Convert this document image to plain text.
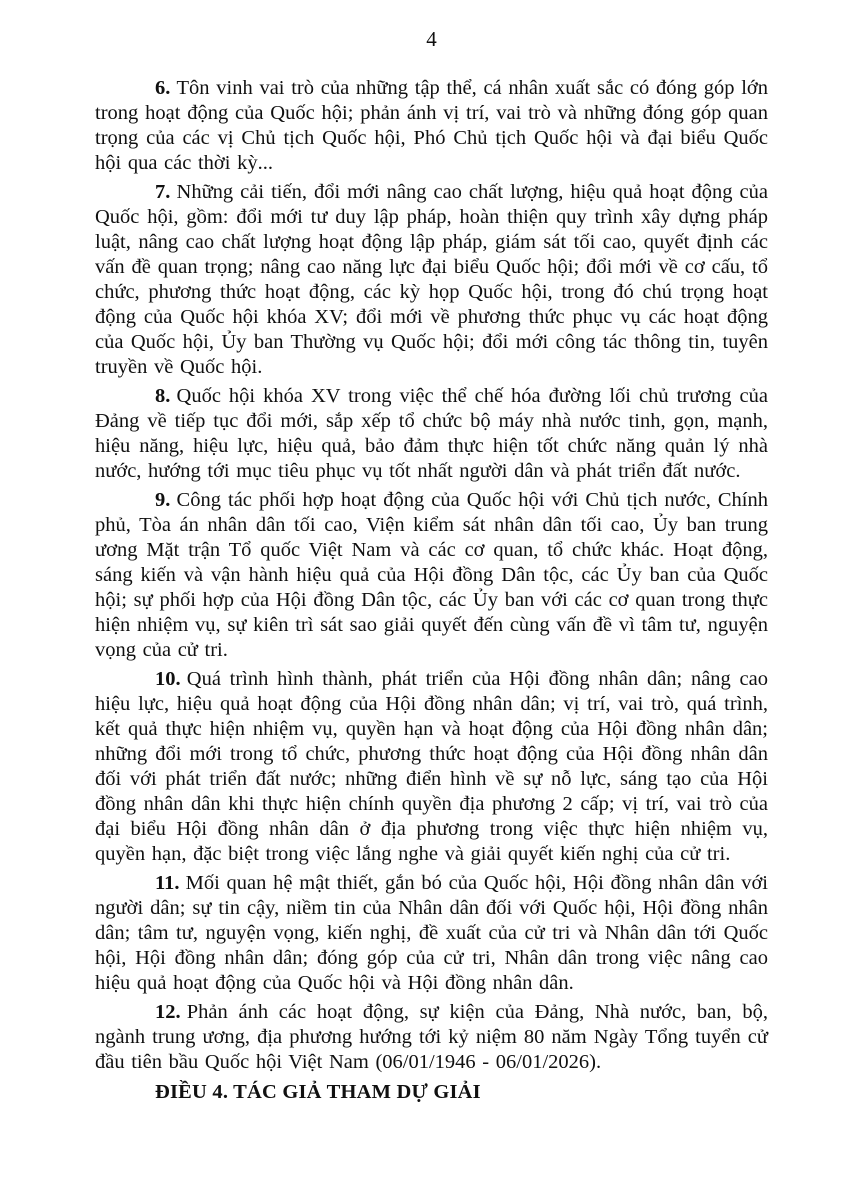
4

6. Tôn vinh vai trò của những tập thể, cá nhân xuất sắc có đóng góp lớn trong hoạt động của Quốc hội; phản ánh vị trí, vai trò và những đóng góp quan trọng của các vị Chủ tịch Quốc hội, Phó Chủ tịch Quốc hội và đại biểu Quốc hội qua các thời kỳ...

7. Những cải tiến, đổi mới nâng cao chất lượng, hiệu quả hoạt động của Quốc hội, gồm: đổi mới tư duy lập pháp, hoàn thiện quy trình xây dựng pháp luật, nâng cao chất lượng hoạt động lập pháp, giám sát tối cao, quyết định các vấn đề quan trọng; nâng cao năng lực đại biểu Quốc hội; đổi mới về cơ cấu, tổ chức, phương thức hoạt động, các kỳ họp Quốc hội, trong đó chú trọng hoạt động của Quốc hội khóa XV; đổi mới về phương thức phục vụ các hoạt động của Quốc hội, Ủy ban Thường vụ Quốc hội; đổi mới công tác thông tin, tuyên truyền về Quốc hội.

8. Quốc hội khóa XV trong việc thể chế hóa đường lối chủ trương của Đảng về tiếp tục đổi mới, sắp xếp tổ chức bộ máy nhà nước tinh, gọn, mạnh, hiệu năng, hiệu lực, hiệu quả, bảo đảm thực hiện tốt chức năng quản lý nhà nước, hướng tới mục tiêu phục vụ tốt nhất người dân và phát triển đất nước.

9. Công tác phối hợp hoạt động của Quốc hội với Chủ tịch nước, Chính phủ, Tòa án nhân dân tối cao, Viện kiểm sát nhân dân tối cao, Ủy ban trung ương Mặt trận Tổ quốc Việt Nam và các cơ quan, tổ chức khác. Hoạt động, sáng kiến và vận hành hiệu quả của Hội đồng Dân tộc, các Ủy ban của Quốc hội; sự phối hợp của Hội đồng Dân tộc, các Ủy ban với các cơ quan trong thực hiện nhiệm vụ, sự kiên trì sát sao giải quyết đến cùng vấn đề vì tâm tư, nguyện vọng của cử tri.

10. Quá trình hình thành, phát triển của Hội đồng nhân dân; nâng cao hiệu lực, hiệu quả hoạt động của Hội đồng nhân dân; vị trí, vai trò, quá trình, kết quả thực hiện nhiệm vụ, quyền hạn và hoạt động của Hội đồng nhân dân; những đổi mới trong tổ chức, phương thức hoạt động của Hội đồng nhân dân đối với phát triển đất nước; những điển hình về sự nỗ lực, sáng tạo của Hội đồng nhân dân khi thực hiện chính quyền địa phương 2 cấp; vị trí, vai trò của đại biểu Hội đồng nhân dân ở địa phương trong việc thực hiện nhiệm vụ, quyền hạn, đặc biệt trong việc lắng nghe và giải quyết kiến nghị của cử tri.

11. Mối quan hệ mật thiết, gắn bó của Quốc hội, Hội đồng nhân dân với người dân; sự tin cậy, niềm tin của Nhân dân đối với Quốc hội, Hội đồng nhân dân; tâm tư, nguyện vọng, kiến nghị, đề xuất của cử tri và Nhân dân tới Quốc hội, Hội đồng nhân dân; đóng góp của cử tri, Nhân dân trong việc nâng cao hiệu quả hoạt động của Quốc hội và Hội đồng nhân dân.

12. Phản ánh các hoạt động, sự kiện của Đảng, Nhà nước, ban, bộ, ngành trung ương, địa phương hướng tới kỷ niệm 80 năm Ngày Tổng tuyển cử đầu tiên bầu Quốc hội Việt Nam (06/01/1946 - 06/01/2026).

ĐIỀU 4. TÁC GIẢ THAM DỰ GIẢI
